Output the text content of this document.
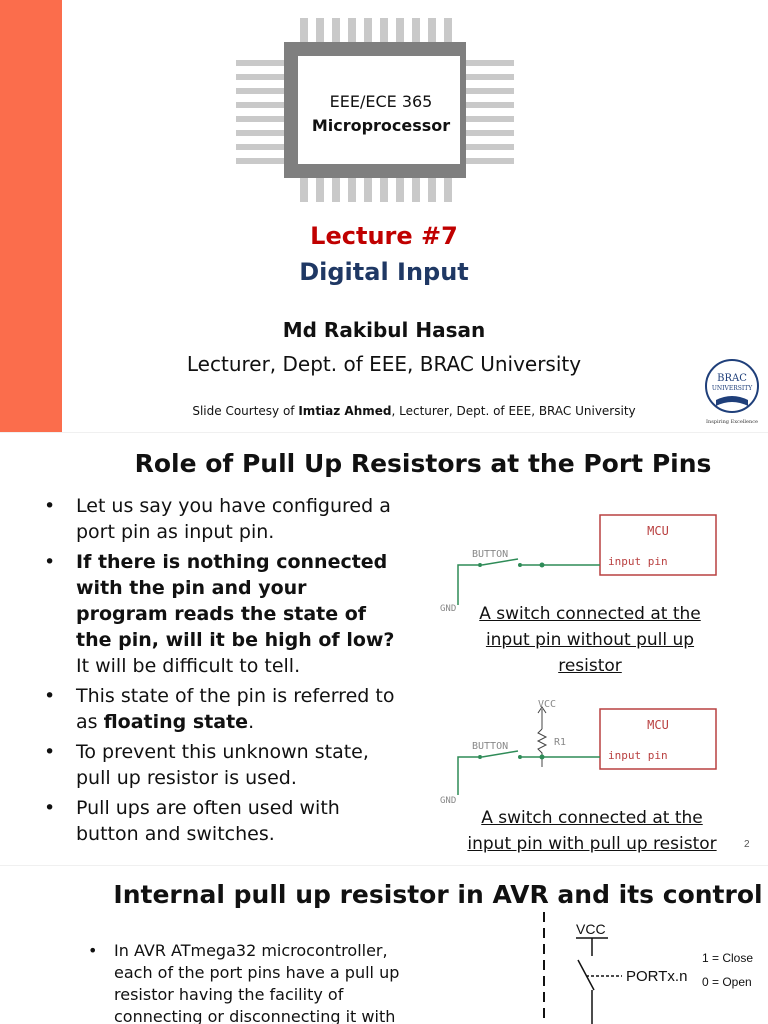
EEE/ECE 365
Microprocessor
Lecture #7
Digital Input
Md Rakibul Hasan
Lecturer, Dept. of EEE, BRAC University
Slide Courtesy of Imtiaz Ahmed, Lecturer, Dept. of EEE, BRAC University
BRAC
UNIVERSITY
Inspiring Excellence
Role of Pull Up Resistors at the Port Pins
• Let us say you have configured a port pin as input pin.
• If there is nothing connected with the pin and your program reads the state of the pin, will it be high of low? It will be difficult to tell.
• This state of the pin is referred to as floating state.
• To prevent this unknown state, pull up resistor is used.
• Pull ups are often used with button and switches.
MCU
input pin
BUTTON
GND
VCC
R1
MCU
input pin
BUTTON
GND
A switch connected at the input pin without pull up resistor
A switch connected at the input pin with pull up resistor	2
Internal pull up resistor in AVR and its control
• In AVR ATmega32 microcontroller, each of the port pins have a pull up resistor having the facility of connecting or disconnecting it with
VCC
PORTx.n
1 = Close
0 = Open
